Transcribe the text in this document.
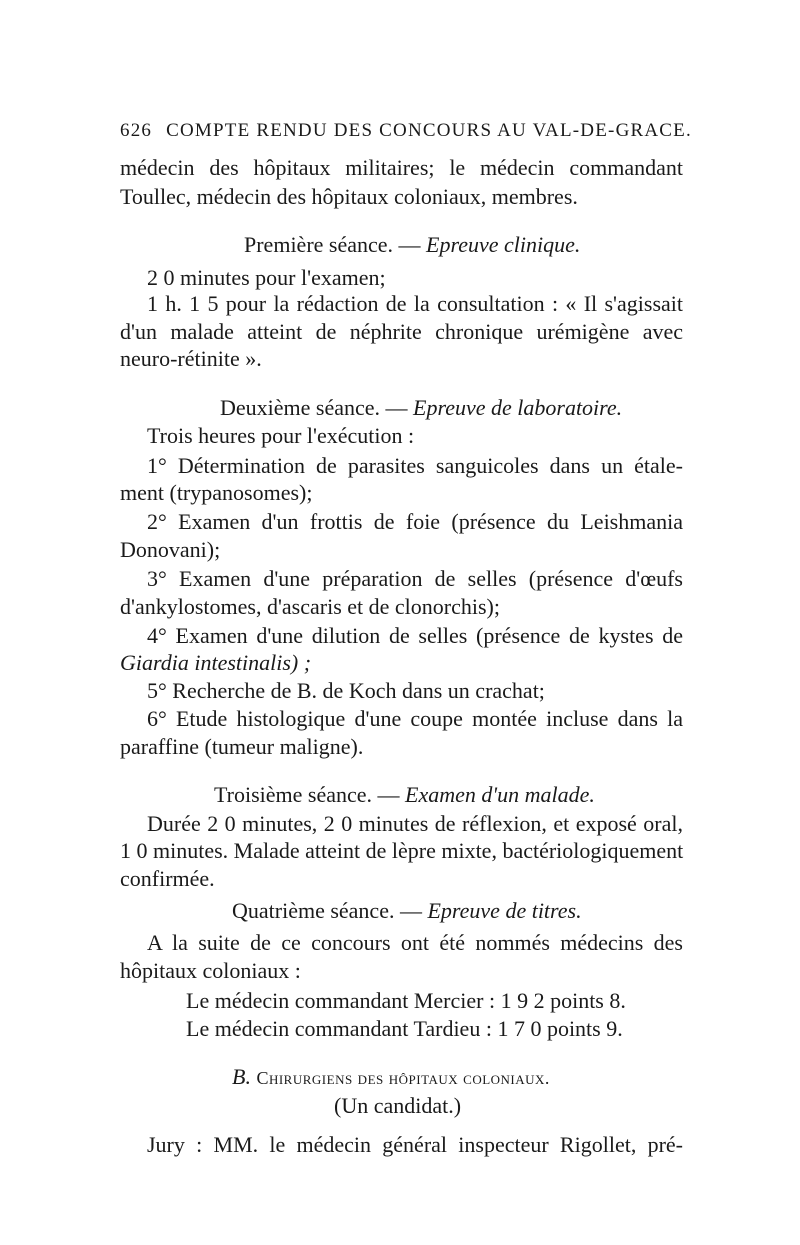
626 COMPTE RENDU DES CONCOURS AU VAL-DE-GRACE.
médecin des hôpitaux militaires; le médecin commandant
Toullec, médecin des hôpitaux coloniaux, membres.
Première séance. — Epreuve clinique.
2 0 minutes pour l'examen;
1 h. 1 5 pour la rédaction de la consultation : « Il s'agissait
d'un malade atteint de néphrite chronique urémigène avec
neuro-rétinite ».
Deuxième séance. — Epreuve de laboratoire.
Trois heures pour l'exécution :
1° Détermination de parasites sanguicoles dans un étale-
ment (trypanosomes);
2° Examen d'un frottis de foie (présence du Leishmania
Donovani);
3° Examen d'une préparation de selles (présence d'œufs
d'ankylostomes, d'ascaris et de clonorchis);
4° Examen d'une dilution de selles (présence de kystes de
Giardia intestinalis) ;
5° Recherche de B. de Koch dans un crachat;
6° Etude histologique d'une coupe montée incluse dans la
paraffine (tumeur maligne).
Troisième séance. — Examen d'un malade.
Durée 2 0 minutes, 2 0 minutes de réflexion, et exposé oral,
1 0 minutes. Malade atteint de lèpre mixte, bactériologiquement
confirmée.
Quatrième séance. — Epreuve de titres.
A la suite de ce concours ont été nommés médecins des
hôpitaux coloniaux :
Le médecin commandant Mercier : 1 9 2 points 8.
Le médecin commandant Tardieu : 1 7 0 points 9.
B. Chirurgiens des hôpitaux coloniaux.
(Un candidat.)
Jury : MM. le médecin général inspecteur Rigollet, pré-
